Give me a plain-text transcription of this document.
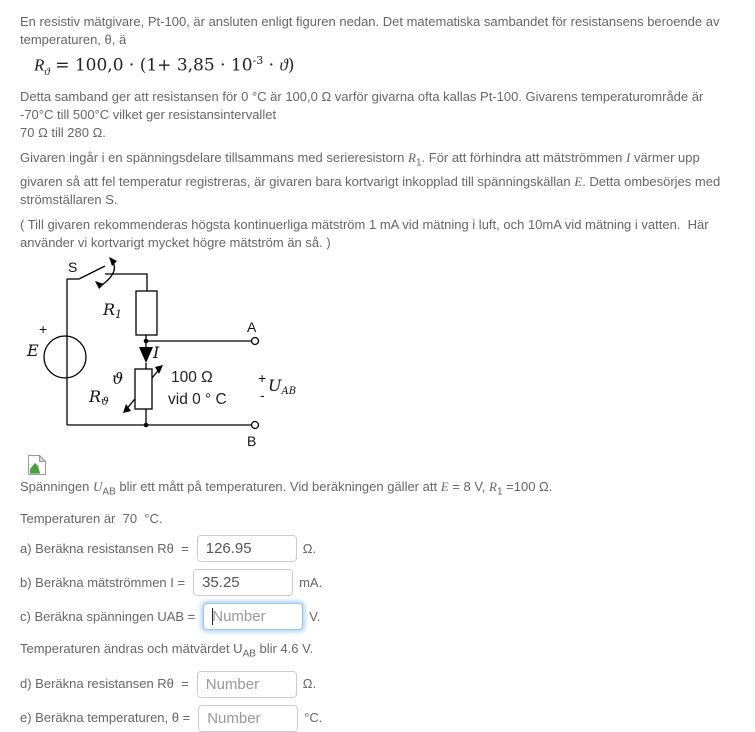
En resistiv mätgivare, Pt-100, är ansluten enligt figuren nedan. Det matematiska sambandet för resistansens beroende av temperaturen, θ, ä

$R_ϑ = 100,0 \cdot (1+ 3,85 \cdot 10^{-3} \cdot ϑ)$

Detta samband ger att resistansen för 0 °C är 100,0 Ω varför givarna ofta kallas Pt-100. Givarens temperaturområde är -70°C till 500°C vilket ger resistansintervallet
70 Ω till 280 Ω.

Givaren ingår i en spänningsdelare tillsammans med serieresistorn $R_1$. För att förhindra att mätströmmen I värmer upp givaren så att fel temperatur registreras, är givaren bara kortvarigt inkopplad till spänningskällan E. Detta ombesörjes med strömställaren S.

( Till givaren rekommenderas högsta kontinuerliga mätström 1 mA vid mätning i luft, och 10mA vid mätning i vatten.  Här använder vi kortvarigt mycket högre mätström än så. )

S
+
E
R1
A
I
ϑ
Rϑ
100 Ω
vid 0 ° C
+
- UAB
B

Spänningen $U_{AB}$ blir ett mått på temperaturen. Vid beräkningen gäller att E = 8 V, $R_1 =100$ Ω.

Temperaturen är  70  °C.

a) Beräkna resistansen Rθ  =
126.95	Ω.
b) Beräkna mätströmmen I =
35.25	mA.
c) Beräkna spänningen UAB =
Number	V.

Temperaturen ändras och mätvärdet $U_{AB}$ blir 4.6 V.

d) Beräkna resistansen Rθ  =
Number	Ω.
e) Beräkna temperaturen, θ =
Number	°C.
